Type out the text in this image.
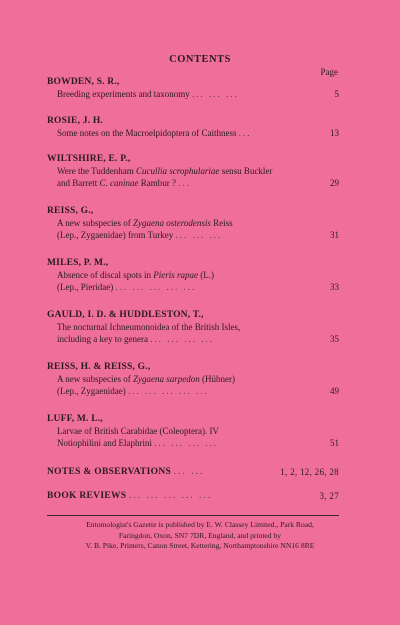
CONTENTS
Page
BOWDEN, S. R.,
Breeding experiments and taxonomy ... ... ...	5
ROSIE, J. H.
Some notes on the Macroelpidoptera of Caithness ...	13
WILTSHIRE, E. P.,
Were the Tuddenham Cucullia scrophulariae sensu Buckler
and Barrett C. caninae Rambur ? ...	29
REISS, G.,
A new subspecies of Zygaena osterodensis Reiss
(Lep., Zygaenidae) from Turkey ... ... ...	31
MILES, P. M.,
Absence of discal spots in Pieris rapae (L.)
(Lep., Pieridae) ... ... ... ... ...	33
GAULD, I. D. & HUDDLESTON, T.,
The nocturnal Ichneumonoidea of the British Isles,
including a key to genera ... ... ... ...	35
REISS, H. & REISS, G.,
A new subspecies of Zygaena sarpedon (Hübner)
(Lep., Zygaenidae) ... ... ... ... ...	49
LUFF, M. L.,
Larvae of British Carabidae (Coleoptera). IV
Notiophilini and Elaphrini ... ... ... ...	51
NOTES & OBSERVATIONS ... ...	1, 2, 12, 26, 28
BOOK REVIEWS ... ... ... ... ...	3, 27
Entomologist's Gazette is published by E. W. Classey Limited., Park Road,
Faringdon, Oxon, SN7 7DR, England, and printed by
V. B. Pike, Printers, Canon Street, Kettering, Northamptonshire NN16 8RE
